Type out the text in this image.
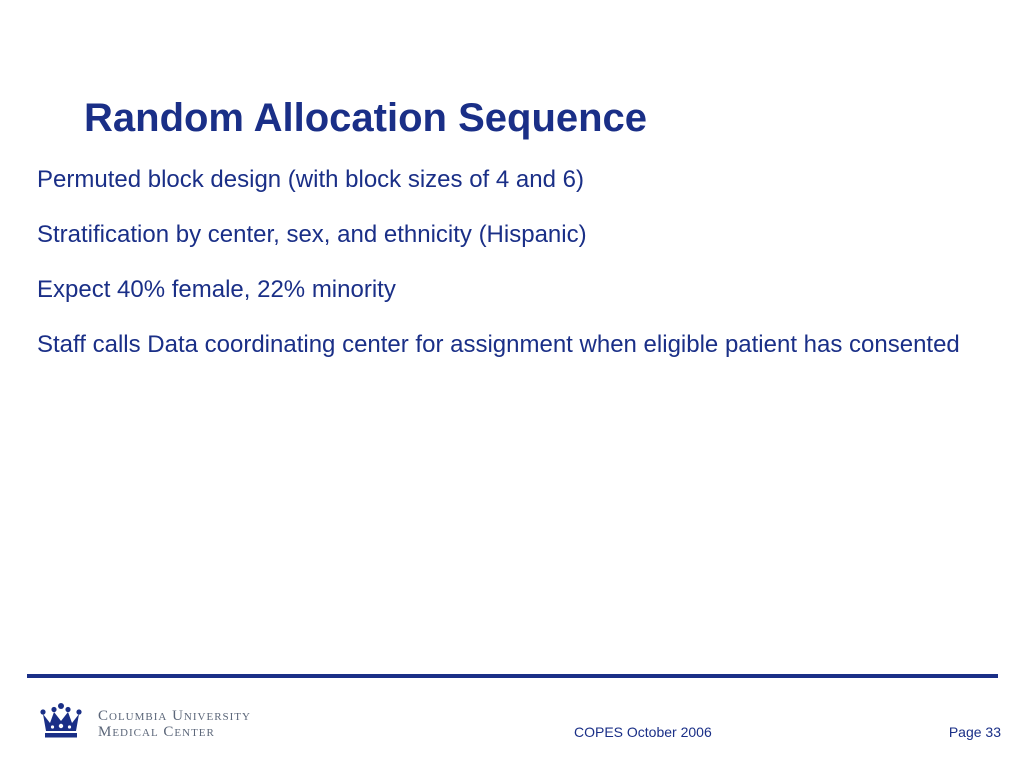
Random Allocation Sequence
Permuted block design (with block sizes of 4 and 6)
Stratification by center, sex, and ethnicity (Hispanic)
Expect 40% female, 22% minority
Staff calls Data coordinating center for assignment when eligible patient has consented
Columbia University
Medical Center	COPES October 2006	Page 33
